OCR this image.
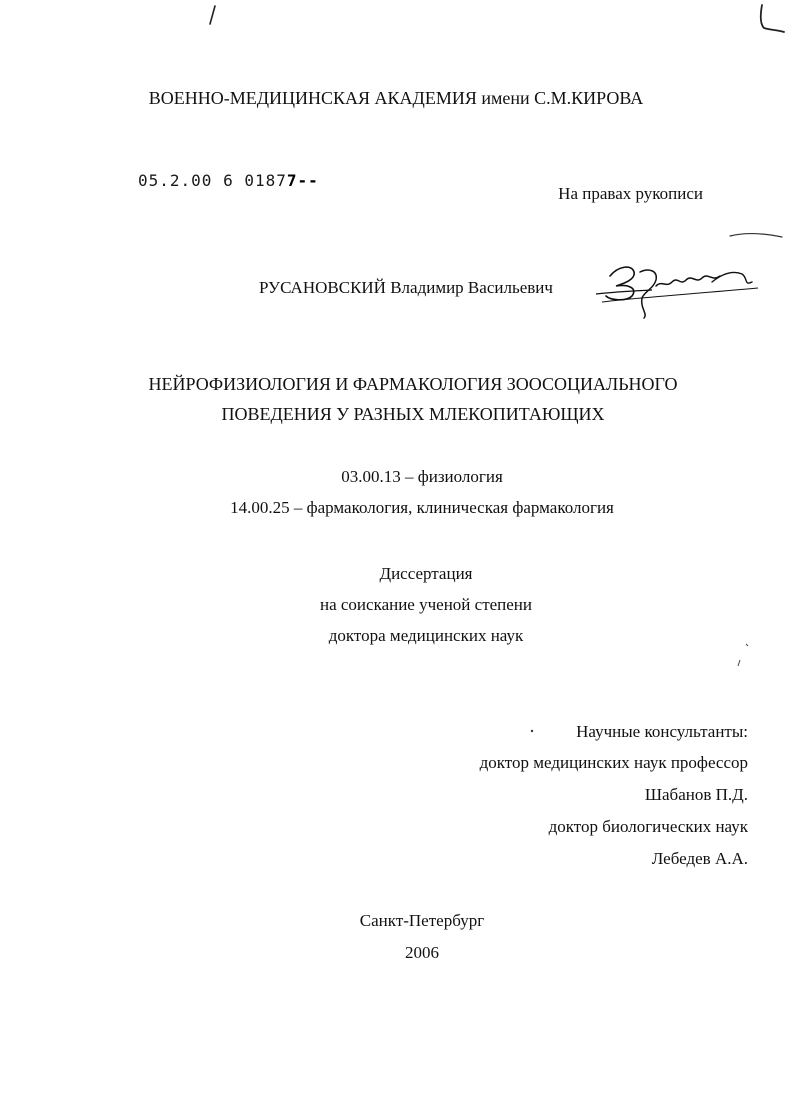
ВОЕННО-МЕДИЦИНСКАЯ АКАДЕМИЯ имени С.М.КИРОВА
05.2.00 6 01877--
На правах рукописи
РУСАНОВСКИЙ Владимир Васильевич
НЕЙРОФИЗИОЛОГИЯ И ФАРМАКОЛОГИЯ ЗООСОЦИАЛЬНОГО
ПОВЕДЕНИЯ У РАЗНЫХ МЛЕКОПИТАЮЩИХ
03.00.13 – физиология
14.00.25 – фармакология, клиническая фармакология
Диссертация
на соискание ученой степени
доктора медицинских наук
Научные консультанты:
доктор медицинских наук профессор
Шабанов П.Д.
доктор биологических наук
Лебедев А.А.
Санкт-Петербург
2006
